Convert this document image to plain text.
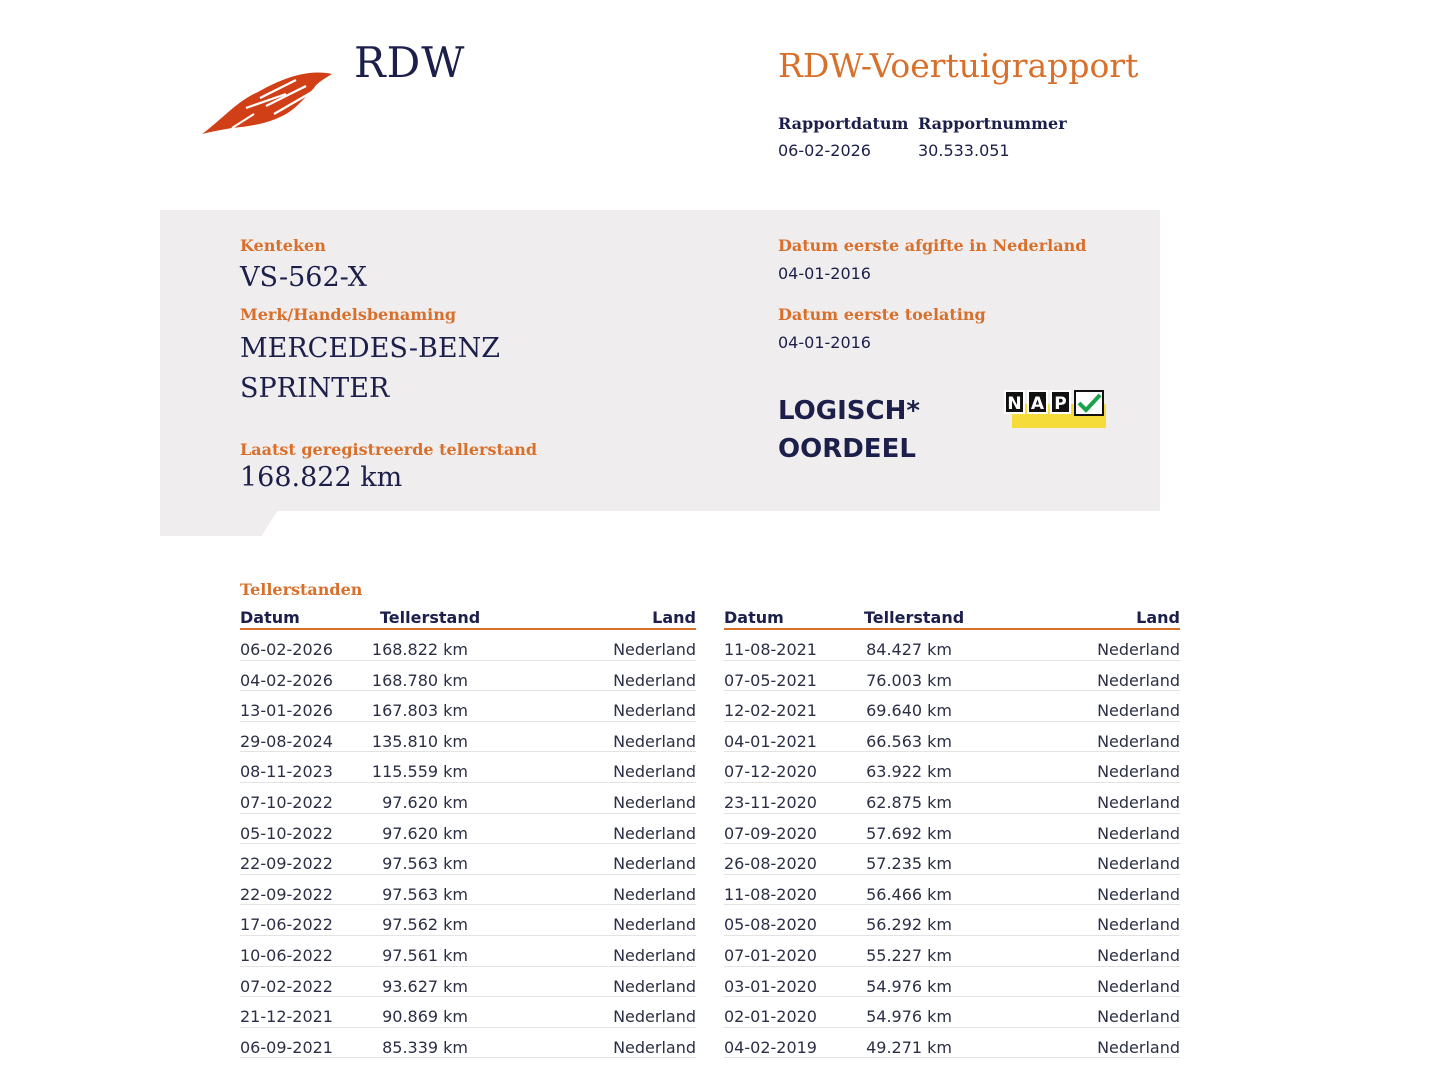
RDW	RDW-Voertuigrapport
Rapportdatum
06-02-2026
Rapportnummer
30.533.051
Kenteken
VS-562-X
Merk/Handelsbenaming
MERCEDES-BENZ
SPRINTER
Laatst geregistreerde tellerstand
168.822 km
Datum eerste afgifte in Nederland
04-01-2016
Datum eerste toelating
04-01-2016
LOGISCH*
OORDEEL
N A P
Tellerstanden
Datum	Tellerstand	Land
06-02-2026 168.822 km	Nederland
04-02-2026 168.780 km	Nederland
13-01-2026 167.803 km	Nederland
29-08-2024 135.810 km	Nederland
08-11-2023 115.559 km	Nederland
07-10-2022	97.620 km	Nederland
05-10-2022	97.620 km	Nederland
22-09-2022	97.563 km	Nederland
22-09-2022	97.563 km	Nederland
17-06-2022	97.562 km	Nederland
10-06-2022	97.561 km	Nederland
07-02-2022	93.627 km	Nederland
21-12-2021	90.869 km	Nederland
06-09-2021	85.339 km	Nederland
Datum	Tellerstand	Land
11-08-2021	84.427 km	Nederland
07-05-2021	76.003 km	Nederland
12-02-2021	69.640 km	Nederland
04-01-2021	66.563 km	Nederland
07-12-2020	63.922 km	Nederland
23-11-2020	62.875 km	Nederland
07-09-2020	57.692 km	Nederland
26-08-2020	57.235 km	Nederland
11-08-2020	56.466 km	Nederland
05-08-2020	56.292 km	Nederland
07-01-2020	55.227 km	Nederland
03-01-2020	54.976 km	Nederland
02-01-2020	54.976 km	Nederland
04-02-2019	49.271 km	Nederland
